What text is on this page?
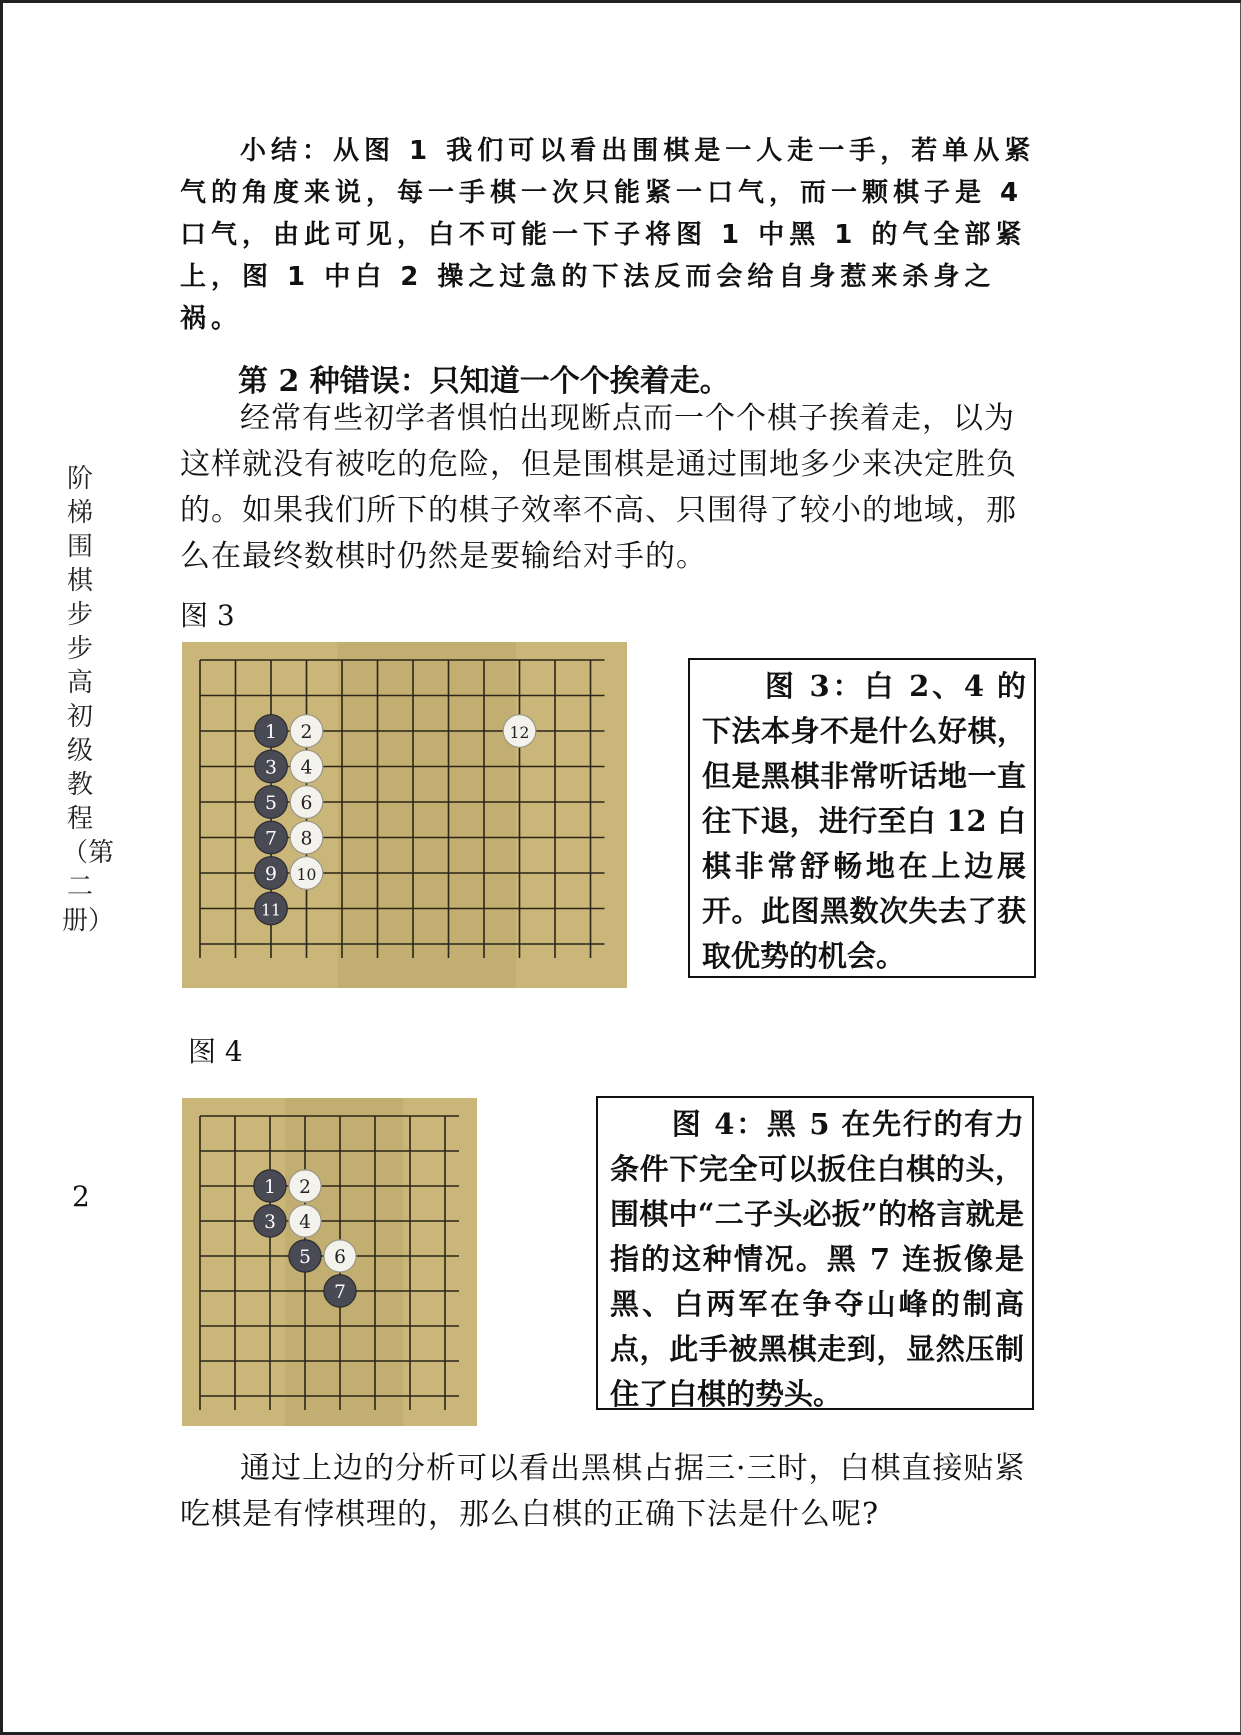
小结：从图 1 我们可以看出围棋是一人走一手，若单从紧气的角度来说，每一手棋一次只能紧一口气，而一颗棋子是 4 口气，由此可见，白不可能一下子将图 1 中黑 1 的气全部紧上，图 1 中白 2 操之过急的下法反而会给自身惹来杀身之祸。
第 2 种错误：只知道一个个挨着走。
经常有些初学者惧怕出现断点而一个个棋子挨着走，以为这样就没有被吃的危险，但是围棋是通过围地多少来决定胜负的。如果我们所下的棋子效率不高、只围得了较小的地域，那么在最终数棋时仍然是要输给对手的。
阶梯围棋步步高初级教程（第二册）
2
图 3
1 2
3 4
5 6
7 8
9 10
11
12
图 3：白 2、4 的下法本身不是什么好棋，但是黑棋非常听话地一直往下退，进行至白 12 白棋非常舒畅地在上边展开。此图黑数次失去了获取优势的机会。
图 4
1 2
3 4
5 6
7
图 4：黑 5 在先行的有力条件下完全可以扳住白棋的头，围棋中“二子头必扳”的格言就是指的这种情况。黑 7 连扳像是黑、白两军在争夺山峰的制高点，此手被黑棋走到，显然压制住了白棋的势头。
通过上边的分析可以看出黑棋占据三·三时，白棋直接贴紧吃棋是有悖棋理的，那么白棋的正确下法是什么呢?
